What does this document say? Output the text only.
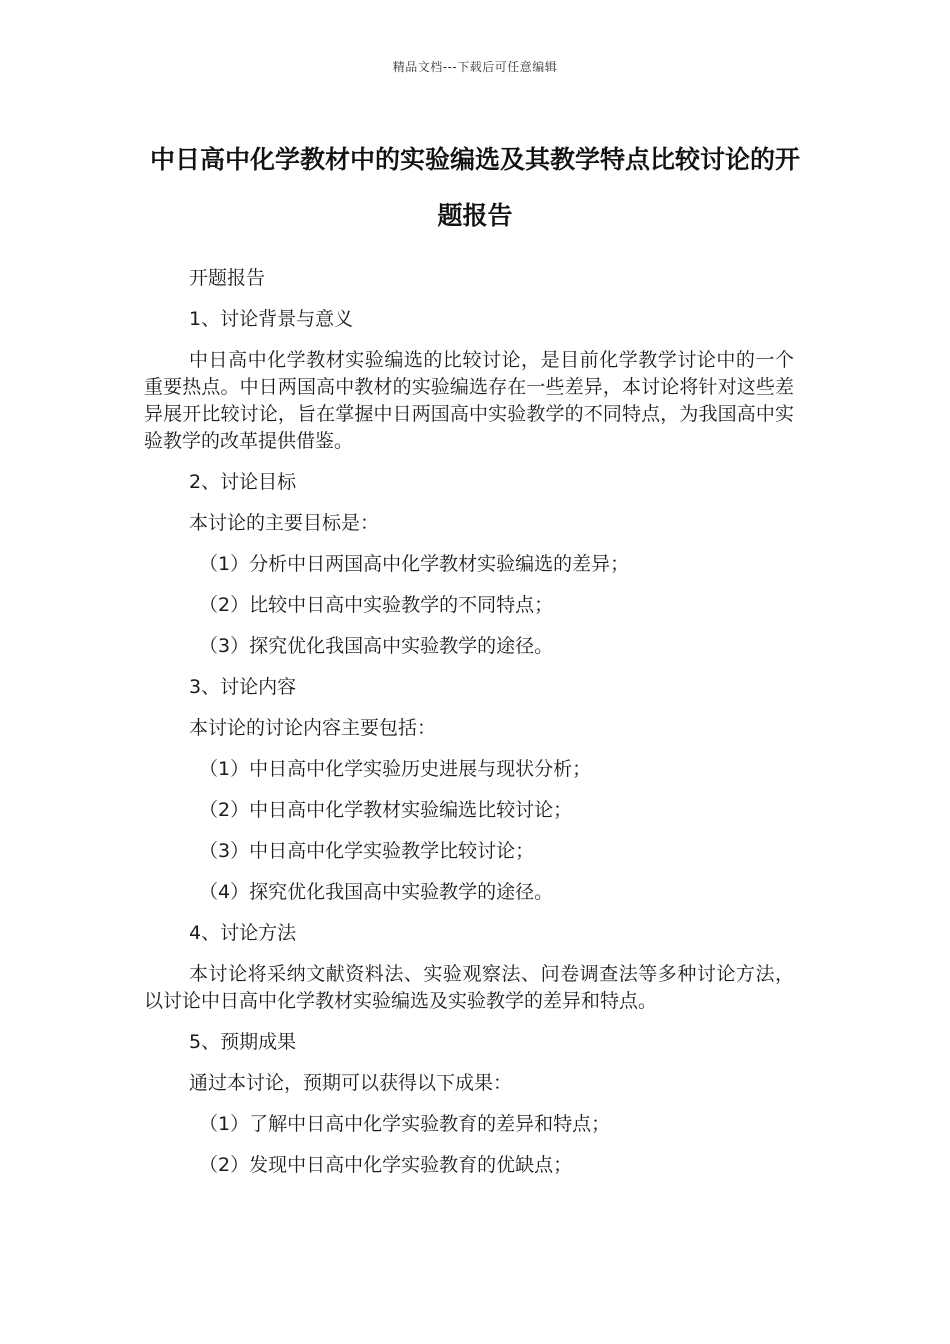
精品文档---下载后可任意编辑
中日高中化学教材中的实验编选及其教学特点比较讨论的开题报告

开题报告

1、讨论背景与意义

中日高中化学教材实验编选的比较讨论，是目前化学教学讨论中的一个重要热点。中日两国高中教材的实验编选存在一些差异，本讨论将针对这些差异展开比较讨论，旨在掌握中日两国高中实验教学的不同特点，为我国高中实验教学的改革提供借鉴。

2、讨论目标

本讨论的主要目标是：

（1）分析中日两国高中化学教材实验编选的差异；

（2）比较中日高中实验教学的不同特点；

（3）探究优化我国高中实验教学的途径。

3、讨论内容

本讨论的讨论内容主要包括：

（1）中日高中化学实验历史进展与现状分析；

（2）中日高中化学教材实验编选比较讨论；

（3）中日高中化学实验教学比较讨论；

（4）探究优化我国高中实验教学的途径。

4、讨论方法

本讨论将采纳文献资料法、实验观察法、问卷调查法等多种讨论方法，以讨论中日高中化学教材实验编选及实验教学的差异和特点。

5、预期成果

通过本讨论，预期可以获得以下成果：

（1）了解中日高中化学实验教育的差异和特点；

（2）发现中日高中化学实验教育的优缺点；
